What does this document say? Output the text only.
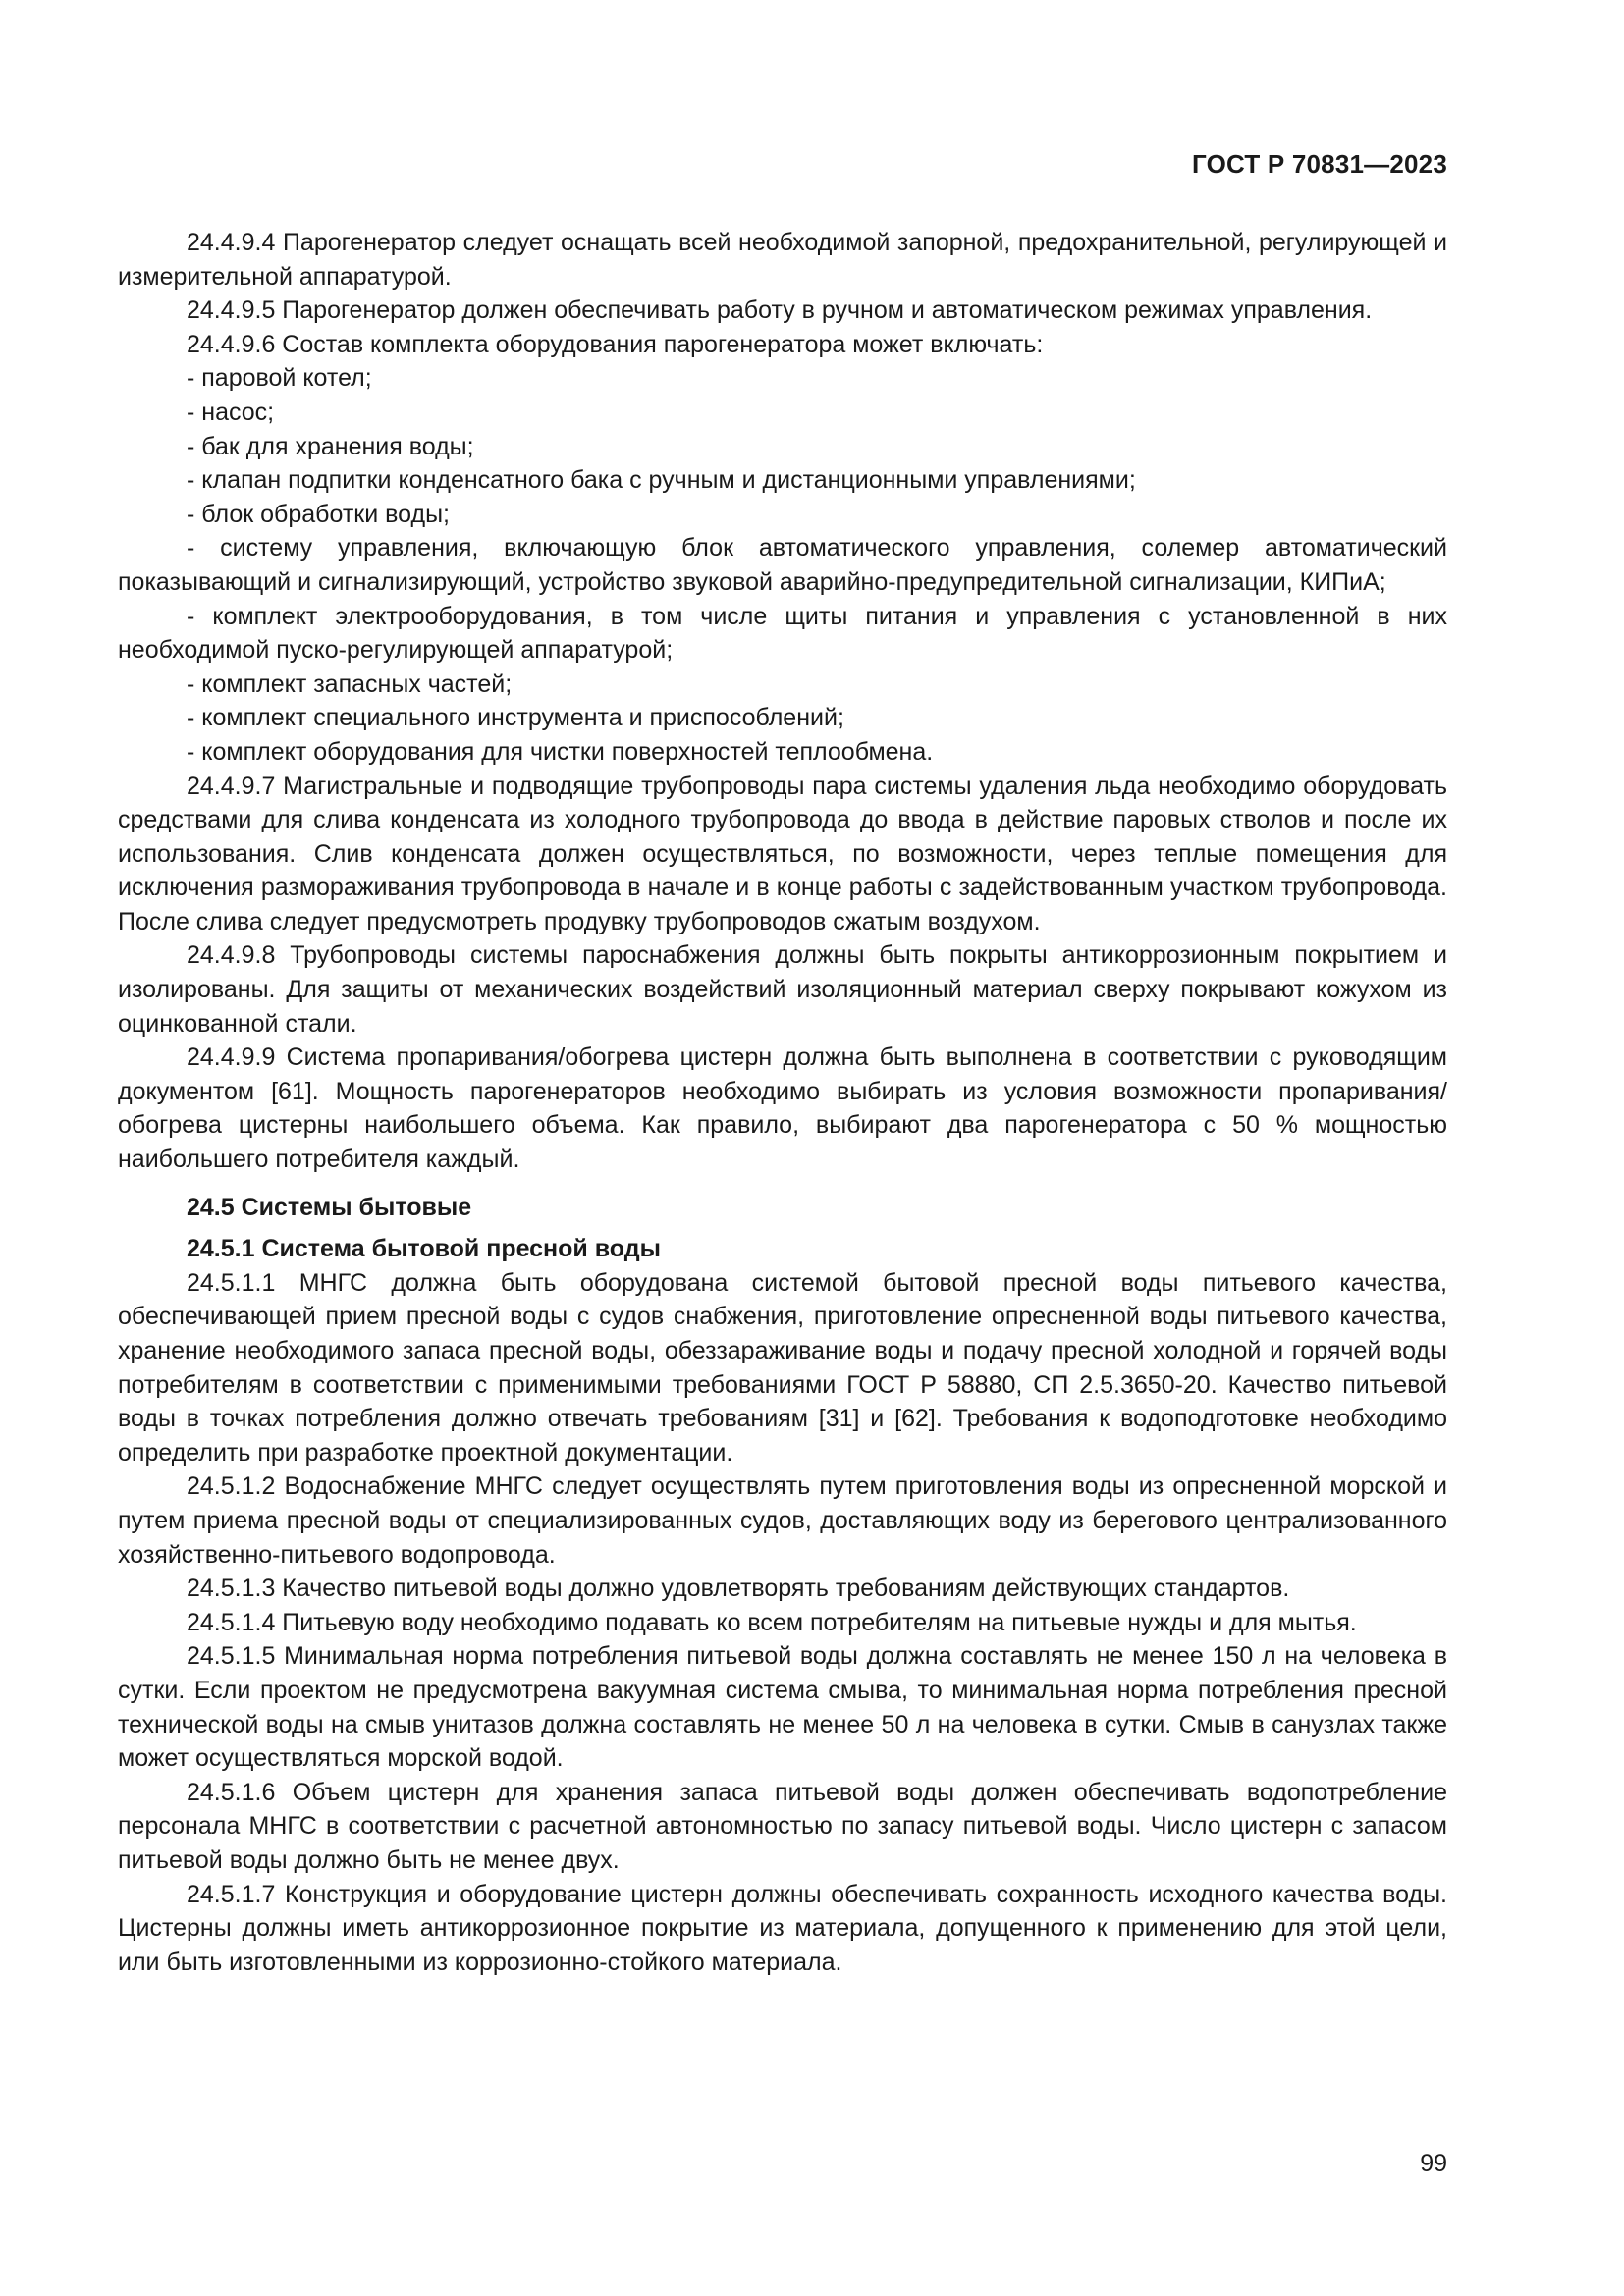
ГОСТ Р 70831—2023

24.4.9.4 Парогенератор следует оснащать всей необходимой запорной, предохранительной, регулирующей и измерительной аппаратурой.

24.4.9.5 Парогенератор должен обеспечивать работу в ручном и автоматическом режимах управления.

24.4.9.6 Состав комплекта оборудования парогенератора может включать:

- паровой котел;

- насос;

- бак для хранения воды;

- клапан подпитки конденсатного бака с ручным и дистанционными управлениями;

- блок обработки воды;

- систему управления, включающую блок автоматического управления, солемер автоматический показывающий и сигнализирующий, устройство звуковой аварийно-предупредительной сигнализации, КИПиА;

- комплект электрооборудования, в том числе щиты питания и управления с установленной в них необходимой пуско-регулирующей аппаратурой;

- комплект запасных частей;

- комплект специального инструмента и приспособлений;

- комплект оборудования для чистки поверхностей теплообмена.

24.4.9.7 Магистральные и подводящие трубопроводы пара системы удаления льда необходимо оборудовать средствами для слива конденсата из холодного трубопровода до ввода в действие паровых стволов и после их использования. Слив конденсата должен осуществляться, по возможности, через теплые помещения для исключения размораживания трубопровода в начале и в конце работы с задействованным участком трубопровода. После слива следует предусмотреть продувку трубопроводов сжатым воздухом.

24.4.9.8 Трубопроводы системы пароснабжения должны быть покрыты антикоррозионным покрытием и изолированы. Для защиты от механических воздействий изоляционный материал сверху покрывают кожухом из оцинкованной стали.

24.4.9.9 Система пропаривания/обогрева цистерн должна быть выполнена в соответствии с руководящим документом [61]. Мощность парогенераторов необходимо выбирать из условия возможности пропаривания/обогрева цистерны наибольшего объема. Как правило, выбирают два парогенератора с 50 % мощностью наибольшего потребителя каждый.

24.5 Системы бытовые
24.5.1 Система бытовой пресной воды

24.5.1.1 МНГС должна быть оборудована системой бытовой пресной воды питьевого качества, обеспечивающей прием пресной воды с судов снабжения, приготовление опресненной воды питьевого качества, хранение необходимого запаса пресной воды, обеззараживание воды и подачу пресной холодной и горячей воды потребителям в соответствии с применимыми требованиями ГОСТ Р 58880, СП 2.5.3650-20. Качество питьевой воды в точках потребления должно отвечать требованиям [31] и [62]. Требования к водоподготовке необходимо определить при разработке проектной документации.

24.5.1.2 Водоснабжение МНГС следует осуществлять путем приготовления воды из опресненной морской и путем приема пресной воды от специализированных судов, доставляющих воду из берегового централизованного хозяйственно-питьевого водопровода.

24.5.1.3 Качество питьевой воды должно удовлетворять требованиям действующих стандартов.

24.5.1.4 Питьевую воду необходимо подавать ко всем потребителям на питьевые нужды и для мытья.

24.5.1.5 Минимальная норма потребления питьевой воды должна составлять не менее 150 л на человека в сутки. Если проектом не предусмотрена вакуумная система смыва, то минимальная норма потребления пресной технической воды на смыв унитазов должна составлять не менее 50 л на человека в сутки. Смыв в санузлах также может осуществляться морской водой.

24.5.1.6 Объем цистерн для хранения запаса питьевой воды должен обеспечивать водопотребление персонала МНГС в соответствии с расчетной автономностью по запасу питьевой воды. Число цистерн с запасом питьевой воды должно быть не менее двух.

24.5.1.7 Конструкция и оборудование цистерн должны обеспечивать сохранность исходного качества воды. Цистерны должны иметь антикоррозионное покрытие из материала, допущенного к применению для этой цели, или быть изготовленными из коррозионно-стойкого материала.

99
